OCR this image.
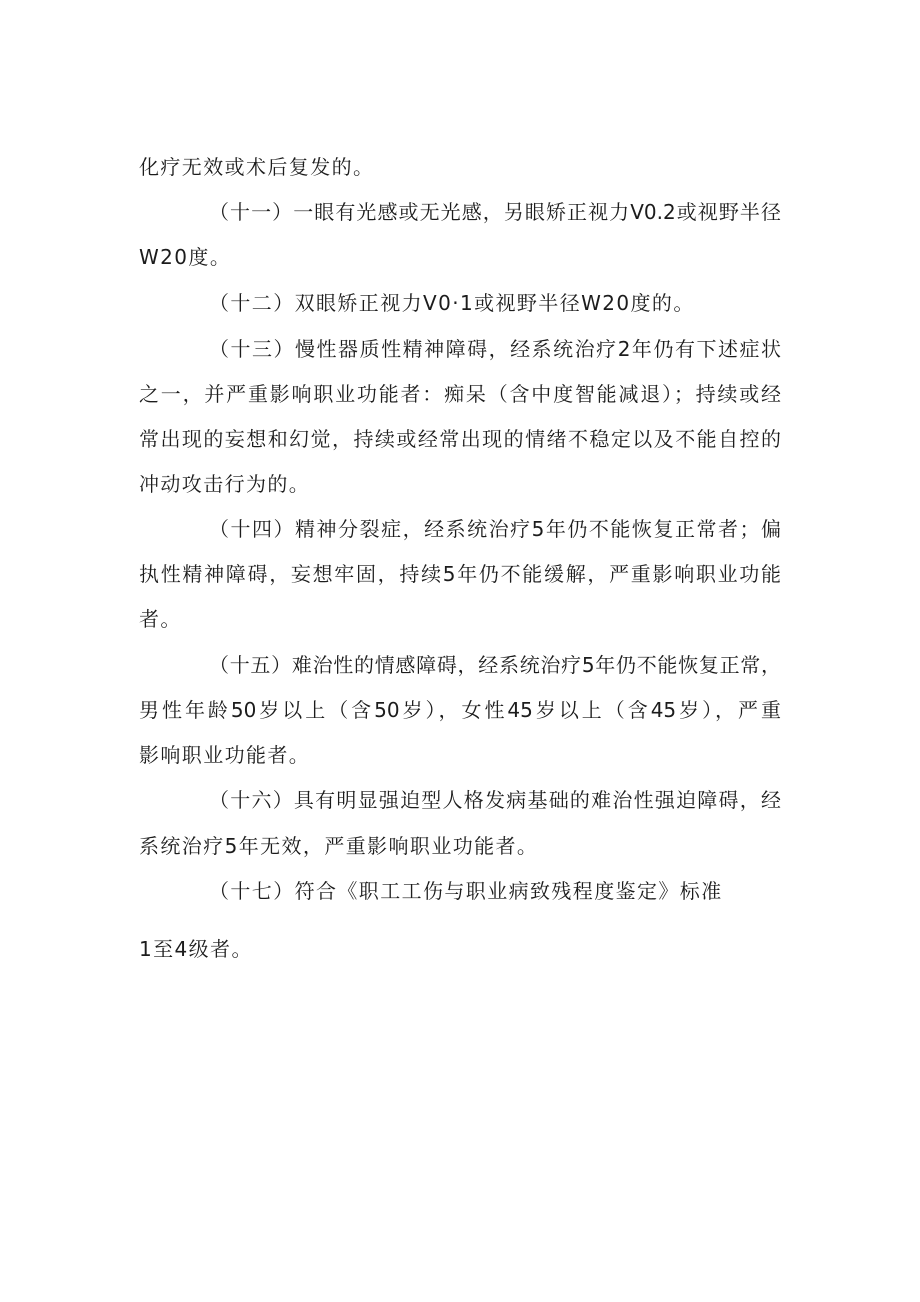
化疗无效或术后复发的。

（十一）一眼有光感或无光感，另眼矫正视力V0.2或视野半径

W20度。

（十二）双眼矫正视力V0·1或视野半径W20度的。

（十三）慢性器质性精神障碍，经系统治疗2年仍有下述症状

之一，并严重影响职业功能者：痴呆（含中度智能减退）；持续或经

常出现的妄想和幻觉，持续或经常出现的情绪不稳定以及不能自控的

冲动攻击行为的。

（十四）精神分裂症，经系统治疗5年仍不能恢复正常者；偏

执性精神障碍，妄想牢固，持续5年仍不能缓解，严重影响职业功能

者。

（十五）难治性的情感障碍，经系统治疗5年仍不能恢复正常，

男性年龄50岁以上（含50岁），女性45岁以上（含45岁），严重

影响职业功能者。

（十六）具有明显强迫型人格发病基础的难治性强迫障碍，经

系统治疗5年无效，严重影响职业功能者。

（十七）符合《职工工伤与职业病致残程度鉴定》标准

1至4级者。
